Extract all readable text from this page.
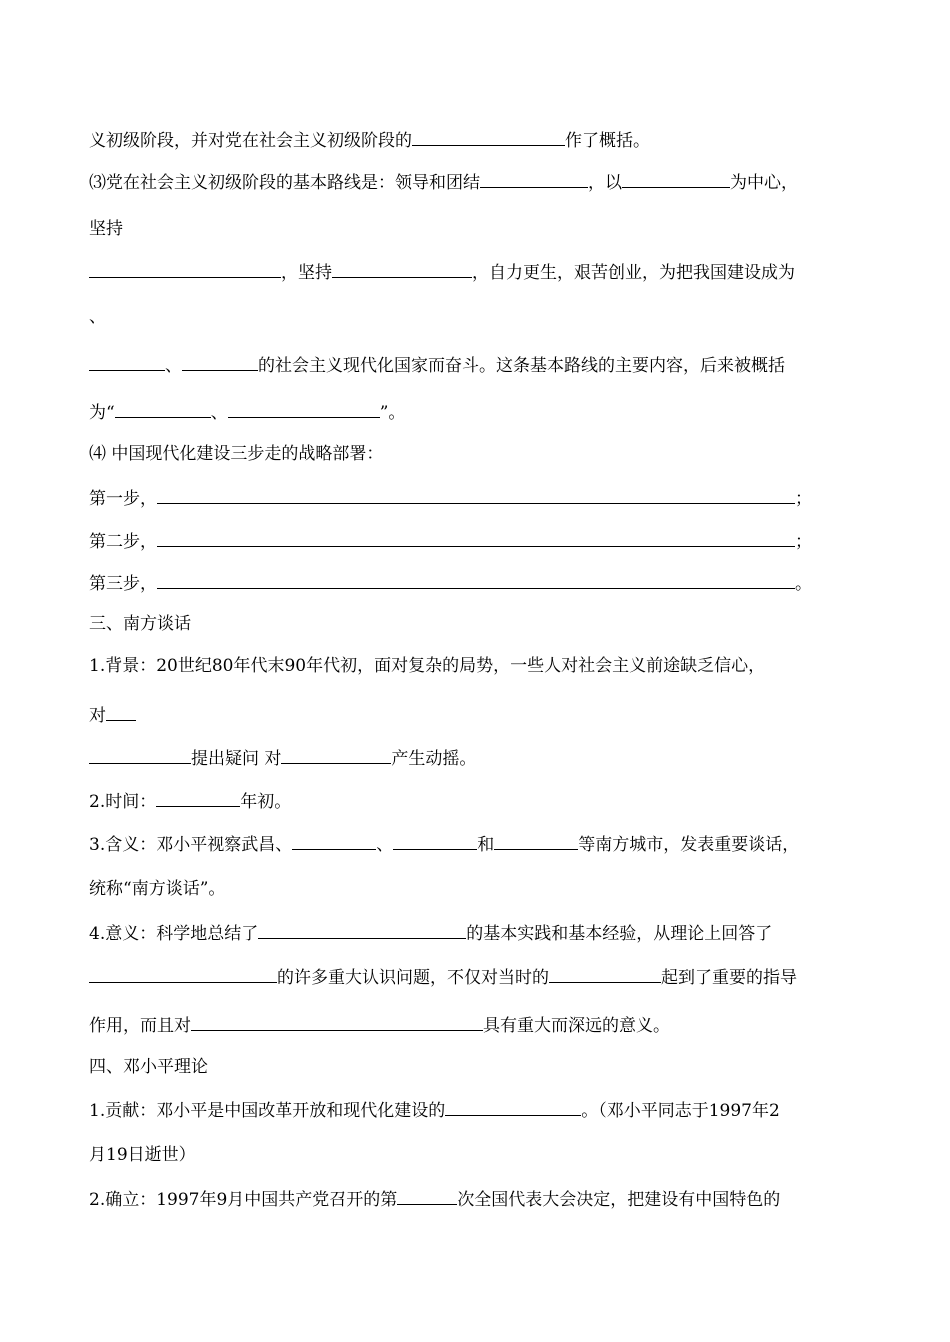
义初级阶段，并对党在社会主义初级阶段的	作了概括。
⑶党在社会主义初级阶段的基本路线是：领导和团结	，以	为中心，
坚持
，坚持	，自力更生，艰苦创业，为把我国建设成为
、
、	的社会主义现代化国家而奋斗。这条基本路线的主要内容，后来被概括
为“	、	”。
⑷ 中国现代化建设三步走的战略部署：
第一步，	；
第二步，	；
第三步，	。
三、南方谈话
1.背景：20世纪80年代末90年代初，面对复杂的局势，一些人对社会主义前途缺乏信心，
对
提出疑问 对	产生动摇。
2.时间：	年初。
3.含义：邓小平视察武昌、	、	和	等南方城市，发表重要谈话，
统称“南方谈话”。
4.意义：科学地总结了	的基本实践和基本经验，从理论上回答了
的许多重大认识问题，不仅对当时的	起到了重要的指导
作用，而且对	具有重大而深远的意义。
四、邓小平理论
1.贡献：邓小平是中国改革开放和现代化建设的	。（邓小平同志于1997年2
月19日逝世）
2.确立：1997年9月中国共产党召开的第	次全国代表大会决定，把建设有中国特色的
